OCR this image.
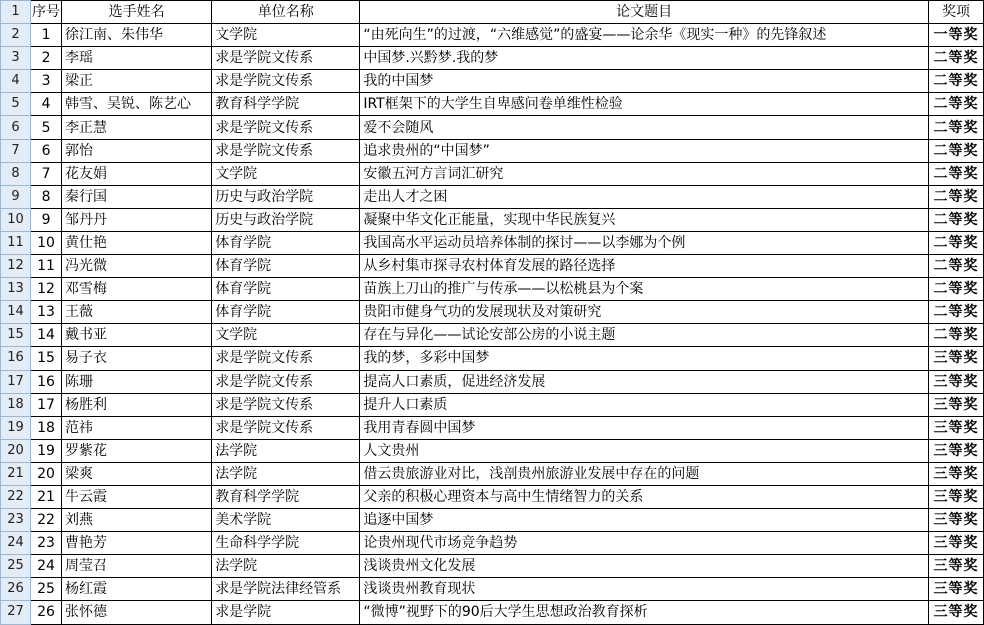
1	序号	选手姓名	单位名称	论文题目	奖项
2	1	徐江南、朱伟华	文学院	“由死向生”的过渡，“六维感觉”的盛宴——论余华《现实一种》的先锋叙述	一等奖
3	2	李瑶	求是学院文传系	中国梦.兴黔梦.我的梦	二等奖
4	3	梁正	求是学院文传系	我的中国梦	二等奖
5	4	韩雪、吴锐、陈艺心	教育科学学院	IRT框架下的大学生自卑感问卷单维性检验	二等奖
6	5	李正慧	求是学院文传系	爱不会随风	二等奖
7	6	郭怡	求是学院文传系	追求贵州的“中国梦”	二等奖
8	7	花友娟	文学院	安徽五河方言词汇研究	二等奖
9	8	秦行国	历史与政治学院	走出人才之困	二等奖
10	9	邹丹丹	历史与政治学院	凝聚中华文化正能量，实现中华民族复兴	二等奖
11	10	黄仕艳	体育学院	我国高水平运动员培养体制的探讨——以李娜为个例	二等奖
12	11	冯光微	体育学院	从乡村集市探寻农村体育发展的路径选择	二等奖
13	12	邓雪梅	体育学院	苗族上刀山的推广与传承——以松桃县为个案	二等奖
14	13	王薇	体育学院	贵阳市健身气功的发展现状及对策研究	二等奖
15	14	戴书亚	文学院	存在与异化——试论安部公房的小说主题	二等奖
16	15	易子衣	求是学院文传系	我的梦，多彩中国梦	三等奖
17	16	陈珊	求是学院文传系	提高人口素质，促进经济发展	三等奖
18	17	杨胜利	求是学院文传系	提升人口素质	三等奖
19	18	范祎	求是学院文传系	我用青春圆中国梦	三等奖
20	19	罗紫花	法学院	人文贵州	三等奖
21	20	梁爽	法学院	借云贵旅游业对比，浅剖贵州旅游业发展中存在的问题	三等奖
22	21	牛云霞	教育科学学院	父亲的积极心理资本与高中生情绪智力的关系	三等奖
23	22	刘燕	美术学院	追逐中国梦	三等奖
24	23	曹艳芳	生命科学学院	论贵州现代市场竞争趋势	三等奖
25	24	周莹召	法学院	浅谈贵州文化发展	三等奖
26	25	杨红霞	求是学院法律经管系	浅谈贵州教育现状	三等奖
27	26	张怀德	求是学院	“微博”视野下的90后大学生思想政治教育探析	三等奖
